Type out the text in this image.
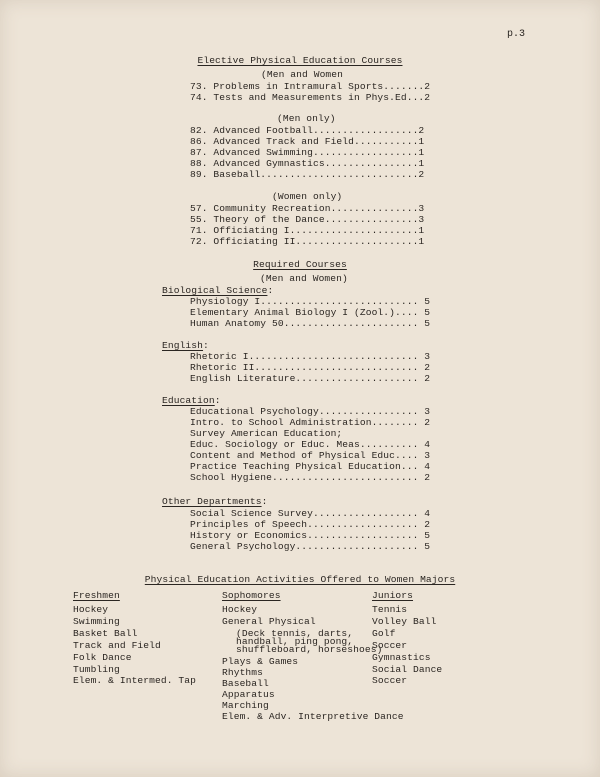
p.3
Elective Physical Education Courses
(Men and Women
73. Problems in Intramural Sports.......2
74. Tests and Measurements in Phys.Ed...2
(Men only)
82. Advanced Football..................2
86. Advanced Track and Field...........1
87. Advanced Swimming..................1
88. Advanced Gymnastics................1
89. Baseball...........................2
(Women only)
57. Community Recreation...............3
55. Theory of the Dance................3
71. Officiating I......................1
72. Officiating II.....................1
Required Courses
(Men and Women)
Biological Science:
Physiology I........................... 5
Elementary Animal Biology I (Zool.).... 5
Human Anatomy 50....................... 5
English:
Rhetoric I............................. 3
Rhetoric II............................ 2
English Literature..................... 2
Education:
Educational Psychology................. 3
Intro. to School Administration........ 2
Survey American Education;
Educ. Sociology or Educ. Meas.......... 4
Content and Method of Physical Educ.... 3
Practice Teaching Physical Education... 4
School Hygiene......................... 2
Other Departments:
Social Science Survey.................. 4
Principles of Speech................... 2
History or Economics................... 5
General Psychology..................... 5
Physical Education Activities Offered to Women Majors
Freshmen
Hockey
Swimming
Basket Ball
Track and Field
Folk Dance
Tumbling
Elem. & Intermed. Tap
Sophomores
Hockey
General Physical
(Deck tennis, darts,
handball, ping pong,
shuffleboard, horseshoes)
Plays & Games
Rhythms
Baseball
Apparatus
Marching
Elem. & Adv. Interpretive Dance
Juniors
Tennis
Volley Ball
Golf
Soccer
Gymnastics
Social Dance
Soccer
